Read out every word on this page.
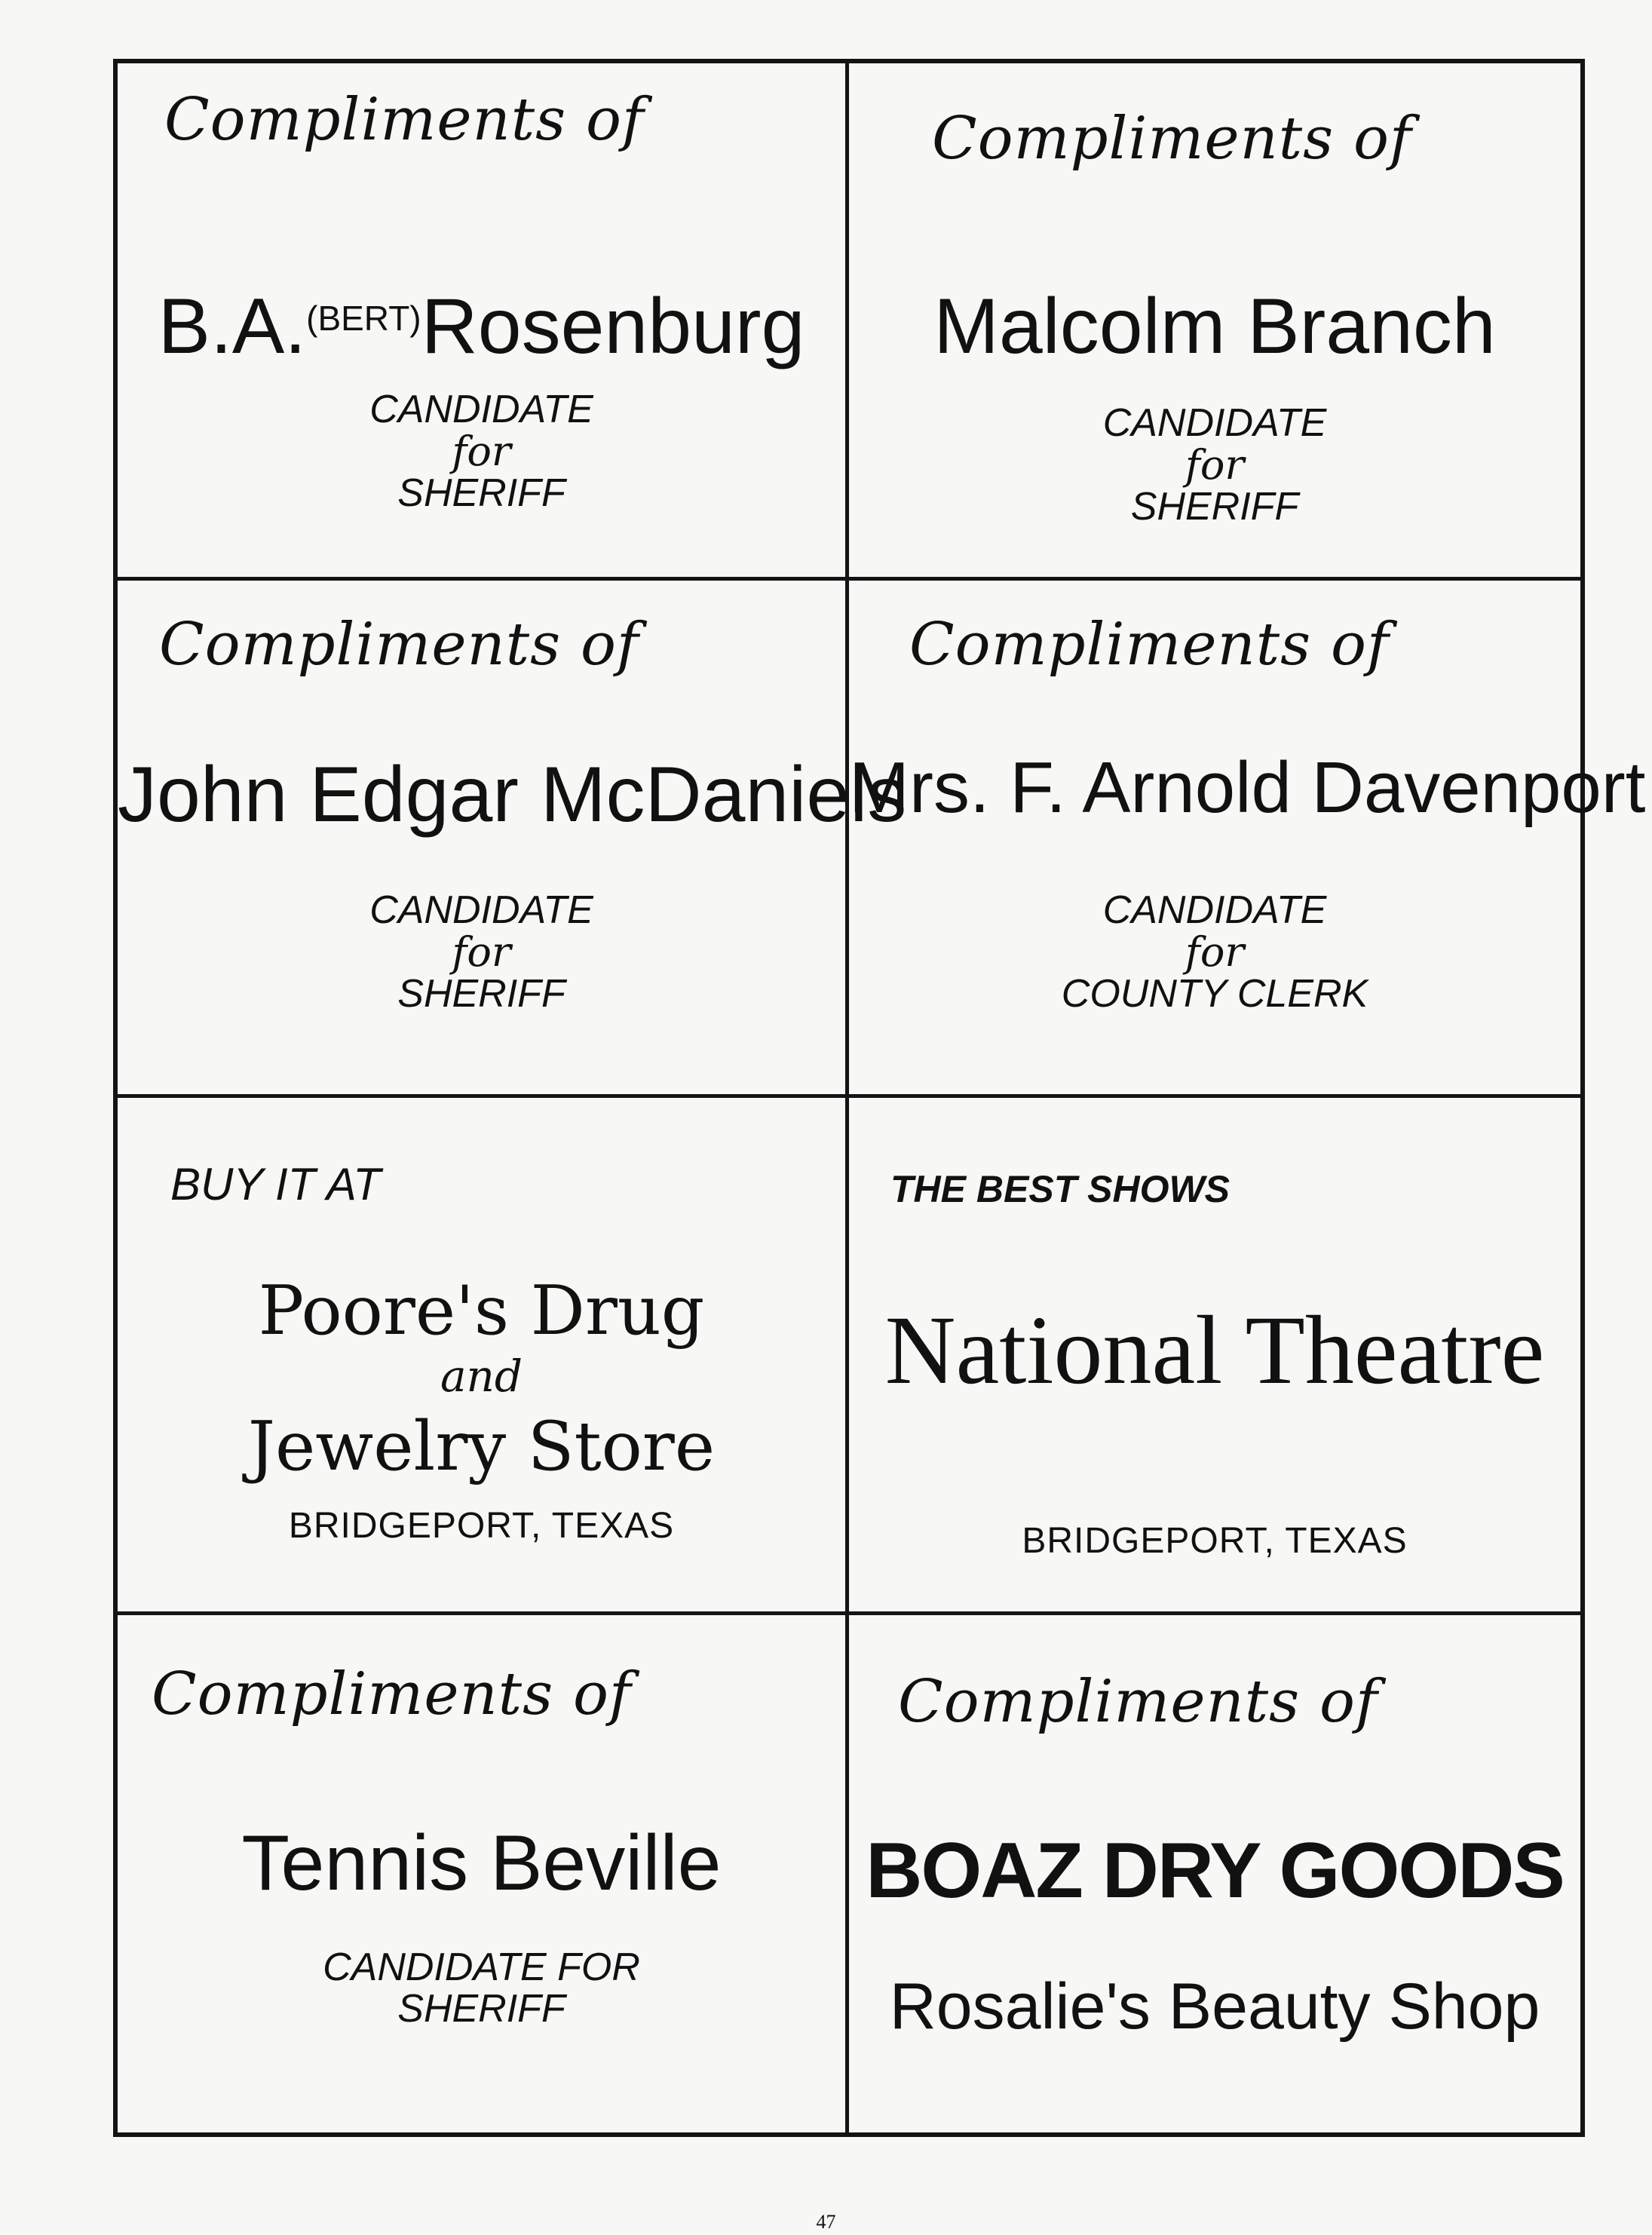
Compliments of
B.A.$^{(BERT)}$Rosenburg
CANDIDATE
for
SHERIFF
Compliments of
Malcolm Branch
CANDIDATE
for
SHERIFF
Compliments of
John Edgar McDaniels
CANDIDATE
for
SHERIFF
Compliments of
Mrs. F. Arnold Davenport
CANDIDATE
for
COUNTY CLERK
BUY IT AT
Poore's Drug
and
Jewelry Store
BRIDGEPORT, TEXAS
THE BEST SHOWS
National Theatre
BRIDGEPORT, TEXAS
Compliments of
Tennis Beville
CANDIDATE FOR
SHERIFF
Compliments of
BOAZ DRY GOODS
Rosalie's Beauty Shop
47
